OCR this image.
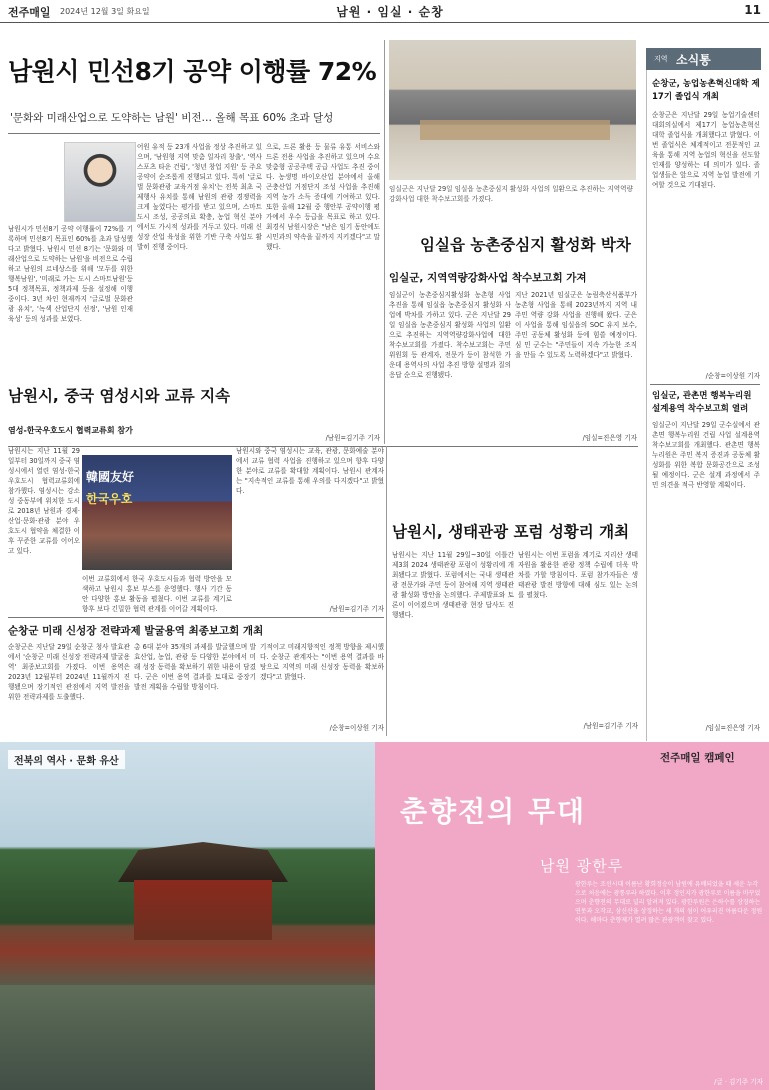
전주매일 2024년 12월 3일 화요일	남원 · 임실 · 순창	11
남원시 민선8기 공약 이행률 72%
'문화와 미래산업으로 도약하는 남원' 비전… 올해 목표 60% 초과 달성
남원시가 민선8기 공약 이행률이 72%를 기록하며 민선8기 목표인 60%를 초과 달성했다고 밝혔다. 남원시 민선 8기는 '문화와 미래산업으로 도약하는 남원'을 비전으로 수립하고 남원의 르네상스를 위해 '모두를 위한 행복남원', '미래로 가는 도시 스마트남원'등 5대 정책목표, 정책과제 등을 설정해 이행 중이다. 3년 차인 현재까지 '글로벌 문화관광 유치', '녹색 산업단지 선정', '남원 인재 육성' 등의 성과를 보였다.
어원 유적 등 23개 사업을 정상 추진하고 있으며, '남원형 지역 맞춤 일자리 창출', '역사 스포츠 타운 건립', '청년 창업 지원' 등 주요 공약이 순조롭게 진행되고 있다. 특히 '글로벌 문화관광 교육거점 유치'는 전북 최초 국제행사 유치를 통해 남원의 관광 경쟁력을 크게 높였다는 평가를 받고 있으며, 스마트 도시 조성, 공공의료 확충, 농업 혁신 분야에서도 가시적 성과를 거두고 있다. 미래 신성장 산업 육성을 위한 기반 구축 사업도 활발히 진행 중이다.
으로, 드론 활용 등 물류 유통 서비스와 드론 전용 사업을 추진하고 있으며 수요 맞춤형 공공주택 공급 사업도 추진 중이다. 농생명 바이오산업 분야에서 올해 곤충산업 거점단지 조성 사업을 추진해 지역 농가 소득 증대에 기여하고 있다. 또한 올해 12월 중 행안부 공약이행 평가에서 우수 등급을 목표로 하고 있다. 최경식 남원시장은 "남은 임기 동안에도 시민과의 약속을 끝까지 지키겠다"고 말했다.
/남원=김기주 기자
임실군은 지난달 29일 임실읍 농촌중심지 활성화 사업의 일환으로 추진하는 지역역량강화사업 대한 착수보고회를 가졌다.
임실읍 농촌중심지 활성화 박차
임실군, 지역역량강화사업 착수보고회 가져
임실군이 농촌중심지활성화 농촌형 사업 추진을 통해 임실읍 농촌중심지 활성화 사업에 박차를 가하고 있다. 군은 지난달 29일 임실읍 농촌중심지 활성화 사업의 일환으로 추진하는 지역역량강화사업에 대한 착수보고회를 가졌다. 착수보고회는 주민 위원회 등 관계자, 전문가 등이 참석한 가운데 용역사의 사업 추진 방향 설명과 질의 응답 순으로 진행됐다.
지난 2021년 임실군은 농림축산식품부가 농촌형 사업을 통해 2023년까지 지역 내 주민 역량 강화 사업을 진행해 왔다. 군은 이 사업을 통해 임실읍의 SOC 유지 보수, 주민 공동체 활성화 등에 힘쓸 예정이다. 심 민 군수는 "주민들이 지속 가능한 조직을 만들 수 있도록 노력하겠다"고 밝혔다.
/임실=진은영 기자
남원시, 중국 염성시와 교류 지속
염성-한국우호도시 협력교류회 참가
남원시는 지난 11월 29일부터 30일까지 중국 염성시에서 열린 염성-한국우호도시 협력교류회에 참가했다. 염성시는 강소성 중동부에 위치한 도시로 2018년 남원과 경제·산업·문화·관광 분야 우호도시 협약을 체결한 이후 꾸준한 교류를 이어오고 있다.
韓國友好
한국우호
이번 교류회에서 한국 우호도시들과 협력 방안을 모색하고 남원시 홍보 부스를 운영했다. 행사 기간 동안 다양한 홍보 활동을 펼쳤다. 이번 교류를 계기로 향후 보다 긴밀한 협력 관계를 이어갈 계획이다.
남원시와 중국 염성시는 교육, 관광, 문화예술 분야에서 교류 협력 사업을 진행하고 있으며 향후 다양한 분야로 교류를 확대할 계획이다. 남원시 관계자는 "지속적인 교류를 통해 우의를 다지겠다"고 밝혔다.
/남원=김기주 기자
남원시, 생태관광 포럼 성황리 개최
남원시는 지난 11월 29일~30일 이틀간 제3회 2024 생태관광 포럼이 성황리에 개최됐다고 밝혔다. 포럼에서는 국내 생태관광 전문가와 주민 등이 참여해 지역 생태관광 활성화 방안을 논의했다. 주제발표와 토론이 이어졌으며 생태관광 현장 답사도 진행됐다.
남원시는 이번 포럼을 계기로 지리산 생태자원을 활용한 관광 정책 수립에 더욱 박차를 가할 방침이다. 포럼 참가자들은 생태관광 발전 방향에 대해 심도 있는 논의를 펼쳤다.
/남원=김기주 기자
순창군 미래 신성장 전략과제 발굴용역 최종보고회 개최
순창군은 지난달 29일 순창군 청사 발효관에서 '순창군 미래 신성장 전략과제 발굴용역' 최종보고회를 가졌다. 이번 용역은 2023년 12월부터 2024년 11월까지 진행됐으며 장기적인 관점에서 지역 발전을 위한 전략과제를 도출했다.
총 6대 분야 35개의 과제를 발굴했으며 발효산업, 농업, 관광 등 다양한 분야에서 미래 성장 동력을 확보하기 위한 내용이 담겼다. 군은 이번 용역 결과를 토대로 중장기 발전 계획을 수립할 방침이다.
기적이고 미래지향적인 정책 방향을 제시했다. 순창군 관계자는 "이번 용역 결과를 바탕으로 지역의 미래 신성장 동력을 확보하겠다"고 밝혔다.
/순창=이상원 기자
지역 소식통
순창군, 농업농촌혁신대학 제17기 졸업식 개최
순창군은 지난달 29일 농업기술센터 대회의실에서 제17기 농업농촌혁신대학 졸업식을 개최했다고 밝혔다. 이번 졸업식은 체계적이고 전문적인 교육을 통해 지역 농업의 혁신을 선도할 인재를 양성하는 데 의미가 있다. 졸업생들은 앞으로 지역 농업 발전에 기여할 것으로 기대된다.
/순창=이상원 기자
임실군, 관촌면 행복누리원 설계용역 착수보고회 열려
임실군이 지난달 29일 군수실에서 관촌면 행복누리원 건립 사업 설계용역 착수보고회를 개최했다. 관촌면 행복누리원은 주민 복지 증진과 공동체 활성화를 위한 복합 문화공간으로 조성될 예정이다. 군은 설계 과정에서 주민 의견을 적극 반영할 계획이다.
/임실=진은영 기자
전북의 역사 · 문화 유산	전주매일 캠페인
춘향전의 무대
남원 광한루
광한루는 조선시대 이름난 황희정승이 남원에 유배되었을 때 세운 누각으로 처음에는 광통루라 하였다. 이후 정인지가 광한루로 이름을 바꾸었으며 춘향전의 무대로 널리 알려져 있다. 광한루원은 은하수를 상징하는 연못과 오작교, 삼신산을 상징하는 세 개의 섬이 어우러진 아름다운 정원이다. 해마다 춘향제가 열려 많은 관광객이 찾고 있다.
/글 · 김기주 기자
